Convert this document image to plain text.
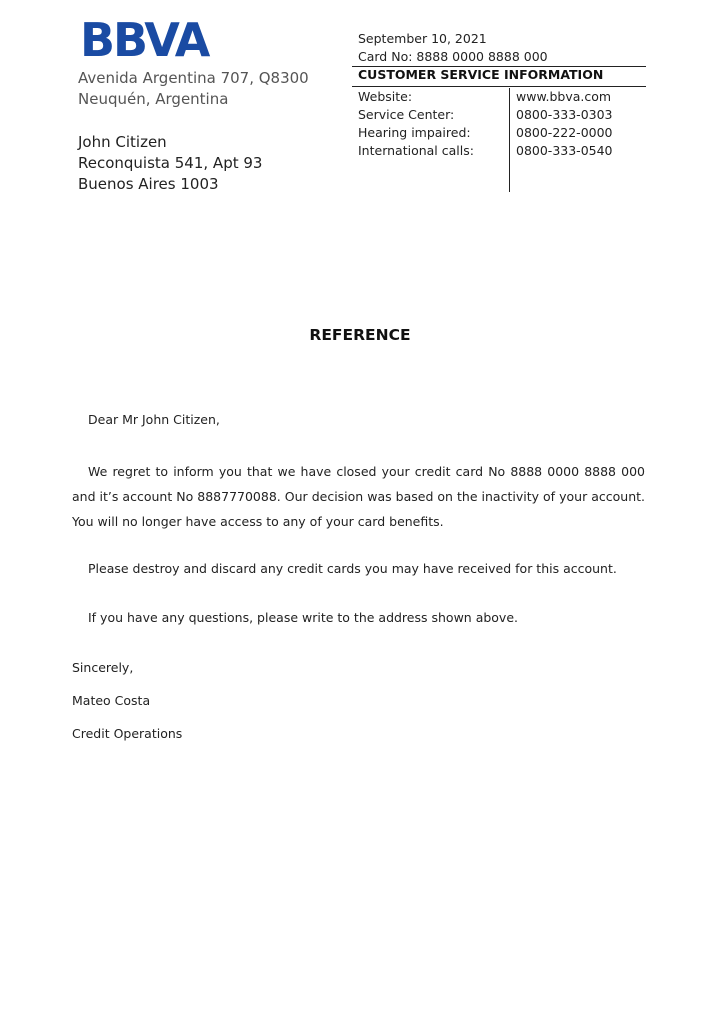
BBVA
Avenida Argentina 707, Q8300
Neuquén, Argentina
John Citizen
Reconquista 541, Apt 93
Buenos Aires 1003
September 10, 2021
Card No: 8888 0000 8888 000
CUSTOMER SERVICE INFORMATION
Website:	www.bbva.com
Service Center:	0800-333-0303
Hearing impaired:	0800-222-0000
International calls:	0800-333-0540
REFERENCE
Dear Mr John Citizen,
We regret to inform you that we have closed your credit card No 8888 0000 8888 000 and it’s account No 8887770088. Our decision was based on the inactivity of your account. You will no longer have access to any of your card benefits.
Please destroy and discard any credit cards you may have received for this account.
If you have any questions, please write to the address shown above.
Sincerely,
Mateo Costa
Credit Operations
